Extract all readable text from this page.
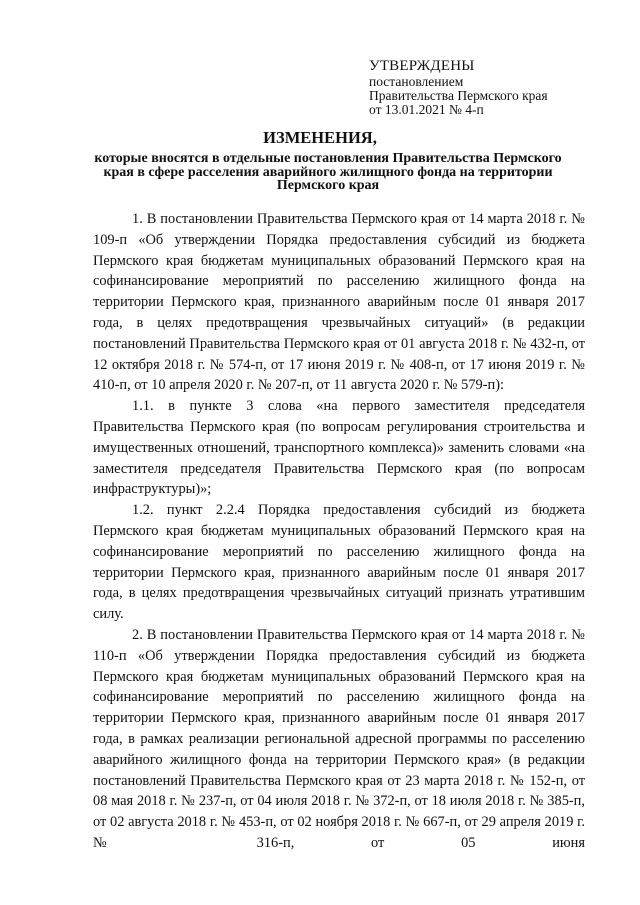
УТВЕРЖДЕНЫ
постановлением
Правительства Пермского края
от 13.01.2021 № 4-п
ИЗМЕНЕНИЯ,
которые вносятся в отдельные постановления Правительства Пермского края в сфере расселения аварийного жилищного фонда на территории Пермского края

1. В постановлении Правительства Пермского края от 14 марта 2018 г. № 109-п «Об утверждении Порядка предоставления субсидий из бюджета Пермского края бюджетам муниципальных образований Пермского края на софинансирование мероприятий по расселению жилищного фонда на территории Пермского края, признанного аварийным после 01 января 2017 года, в целях предотвращения чрезвычайных ситуаций» (в редакции постановлений Правительства Пермского края от 01 августа 2018 г. № 432-п, от 12 октября 2018 г. № 574-п, от 17 июня 2019 г. № 408-п, от 17 июня 2019 г. № 410-п, от 10 апреля 2020 г. № 207-п, от 11 августа 2020 г. № 579-п):

1.1. в пункте 3 слова «на первого заместителя председателя Правительства Пермского края (по вопросам регулирования строительства и имущественных отношений, транспортного комплекса)» заменить словами «на заместителя председателя Правительства Пермского края (по вопросам инфраструктуры)»;

1.2. пункт 2.2.4 Порядка предоставления субсидий из бюджета Пермского края бюджетам муниципальных образований Пермского края на софинансирование мероприятий по расселению жилищного фонда на территории Пермского края, признанного аварийным после 01 января 2017 года, в целях предотвращения чрезвычайных ситуаций признать утратившим силу.

2. В постановлении Правительства Пермского края от 14 марта 2018 г. № 110-п «Об утверждении Порядка предоставления субсидий из бюджета Пермского края бюджетам муниципальных образований Пермского края на софинансирование мероприятий по расселению жилищного фонда на территории Пермского края, признанного аварийным после 01 января 2017 года, в рамках реализации региональной адресной программы по расселению аварийного жилищного фонда на территории Пермского края» (в редакции постановлений Правительства Пермского края от 23 марта 2018 г. № 152-п, от 08 мая 2018 г. № 237-п, от 04 июля 2018 г. № 372-п, от 18 июля 2018 г. № 385-п, от 02 августа 2018 г. № 453-п, от 02 ноября 2018 г. № 667-п, от 29 апреля 2019 г. № 316-п, от 05 июня
